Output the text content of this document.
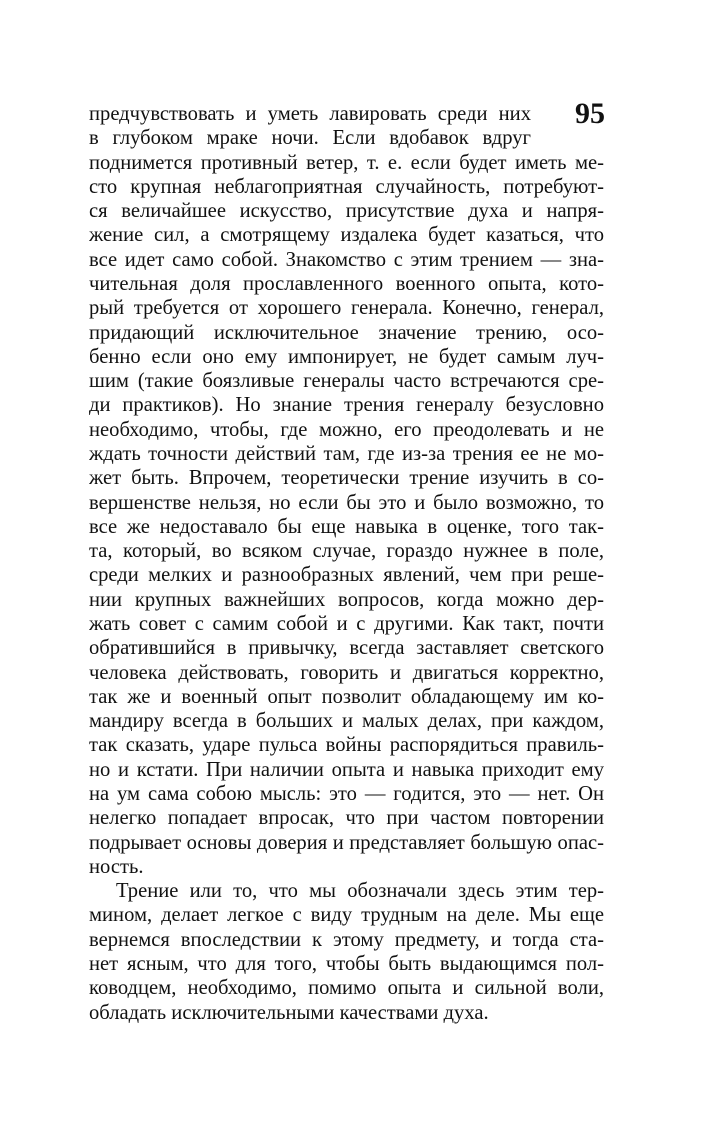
95
предчувствовать и уметь лавировать среди них
в глубоком мраке ночи. Если вдобавок вдруг
поднимется противный ветер, т. е. если будет иметь ме-
сто крупная неблагоприятная случайность, потребуют-
ся величайшее искусство, присутствие духа и напря-
жение сил, а смотрящему издалека будет казаться, что
все идет само собой. Знакомство с этим трением — зна-
чительная доля прославленного военного опыта, кото-
рый требуется от хорошего генерала. Конечно, генерал,
придающий исключительное значение трению, осо-
бенно если оно ему импонирует, не будет самым луч-
шим (такие боязливые генералы часто встречаются сре-
ди практиков). Но знание трения генералу безусловно
необходимо, чтобы, где можно, его преодолевать и не
ждать точности действий там, где из-за трения ее не мо-
жет быть. Впрочем, теоретически трение изучить в со-
вершенстве нельзя, но если бы это и было возможно, то
все же недоставало бы еще навыка в оценке, того так-
та, который, во всяком случае, гораздо нужнее в поле,
среди мелких и разнообразных явлений, чем при реше-
нии крупных важнейших вопросов, когда можно дер-
жать совет с самим собой и с другими. Как такт, почти
обратившийся в привычку, всегда заставляет светского
человека действовать, говорить и двигаться корректно,
так же и военный опыт позволит обладающему им ко-
мандиру всегда в больших и малых делах, при каждом,
так сказать, ударе пульса войны распорядиться правиль-
но и кстати. При наличии опыта и навыка приходит ему
на ум сама собою мысль: это — годится, это — нет. Он
нелегко попадает впросак, что при частом повторении
подрывает основы доверия и представляет большую опас-
ность.
Трение или то, что мы обозначали здесь этим тер-
мином, делает легкое с виду трудным на деле. Мы еще
вернемся впоследствии к этому предмету, и тогда ста-
нет ясным, что для того, чтобы быть выдающимся пол-
ководцем, необходимо, помимо опыта и сильной воли,
обладать исключительными качествами духа.
